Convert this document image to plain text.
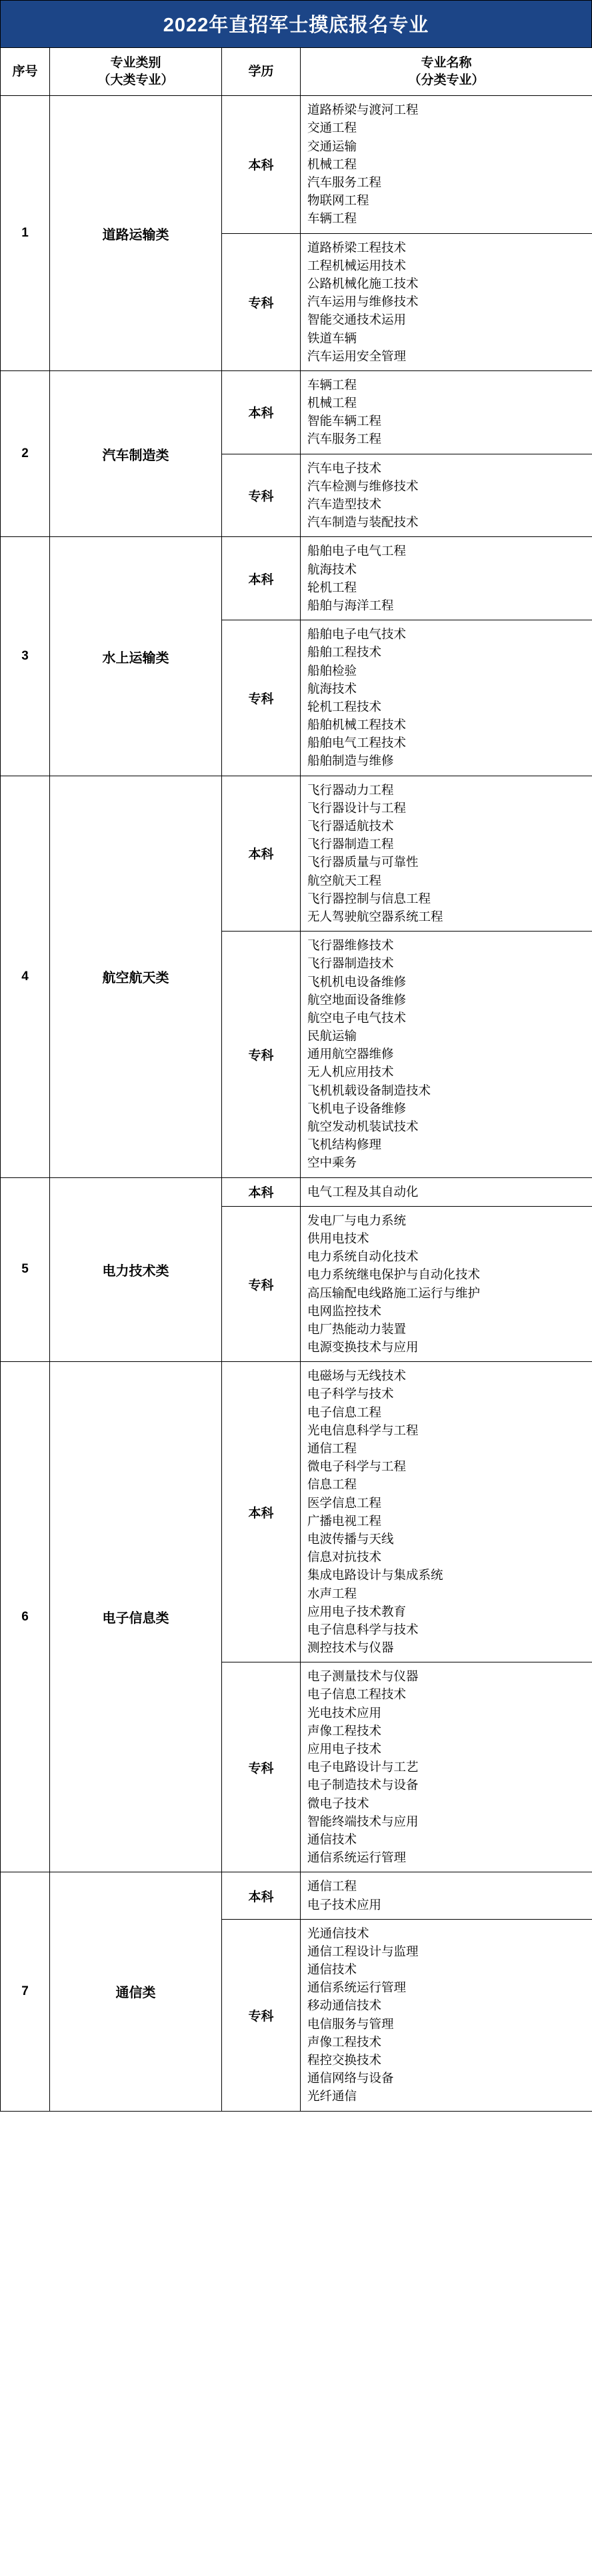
2022年直招军士摸底报名专业
序号	
专业类别
（大类专业）
	学历	
专业名称
（分类专业）

1	道路运输类	本科	
道路桥梁与渡河工程
交通工程
交通运输
机械工程
汽车服务工程
物联网工程
车辆工程

专科	
道路桥梁工程技术
工程机械运用技术
公路机械化施工技术
汽车运用与维修技术
智能交通技术运用
铁道车辆
汽车运用安全管理

2	汽车制造类	本科	车辆工程
机械工程
智能车辆工程
汽车服务工程

		专科	汽车电子技术
汽车检测与维修技术
汽车造型技术
汽车制造与装配技术

3	水上运输类	本科	船舶电子电气工程
航海技术
轮机工程
船舶与海洋工程

专科	
船舶电子电气技术
船舶工程技术
船舶检验
航海技术
轮机工程技术
船舶机械工程技术
船舶电气工程技术
船舶制造与维修

4	航空航天类	本科	
飞行器动力工程
飞行器设计与工程
飞行器适航技术
飞行器制造工程
飞行器质量与可靠性
航空航天工程
飞行器控制与信息工程
无人驾驶航空器系统工程

专科	
飞行器维修技术
飞行器制造技术
飞机机电设备维修
航空地面设备维修
航空电子电气技术
民航运输
通用航空器维修
无人机应用技术
飞机机载设备制造技术
飞机电子设备维修
航空发动机装试技术
飞机结构修理
空中乘务

5	电力技术类	本科	电气工程及其自动化

专科	
发电厂与电力系统
供用电技术
电力系统自动化技术
电力系统继电保护与自动化技术
高压输配电线路施工运行与维护
电网监控技术
电厂热能动力装置
电源变换技术与应用

6	电子信息类	本科	
电磁场与无线技术
电子科学与技术
电子信息工程
光电信息科学与工程
通信工程
微电子科学与工程
信息工程
医学信息工程
广播电视工程
电波传播与天线
信息对抗技术
集成电路设计与集成系统
水声工程
应用电子技术教育
电子信息科学与技术
测控技术与仪器

专科	
电子测量技术与仪器
电子信息工程技术
光电技术应用
声像工程技术
应用电子技术
电子电路设计与工艺
电子制造技术与设备
微电子技术
智能终端技术与应用
通信技术
通信系统运行管理

7	通信类	本科	通信工程
电子技术应用

专科	
光通信技术
通信工程设计与监理
通信技术
通信系统运行管理
移动通信技术
电信服务与管理
声像工程技术
程控交换技术
通信网络与设备
光纤通信
